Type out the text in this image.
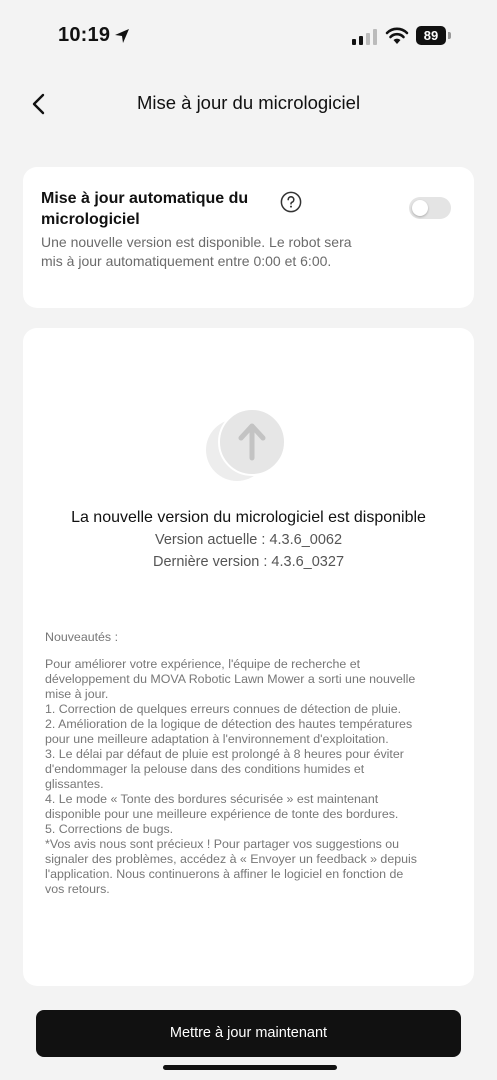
10:19	89
Mise à jour du micrologiciel
Mise à jour automatique du micrologiciel
Une nouvelle version est disponible. Le robot sera mis à jour automatiquement entre 0:00 et 6:00.
La nouvelle version du micrologiciel est disponible
Version actuelle : 4.3.6_0062
Dernière version : 4.3.6_0327

Nouveautés :

Pour améliorer votre expérience, l'équipe de recherche et

développement du MOVA Robotic Lawn Mower a sorti une nouvelle

mise à jour.

1. Correction de quelques erreurs connues de détection de pluie.

2. Amélioration de la logique de détection des hautes températures

pour une meilleure adaptation à l'environnement d'exploitation.

3. Le délai par défaut de pluie est prolongé à 8 heures pour éviter

d'endommager la pelouse dans des conditions humides et

glissantes.

4. Le mode « Tonte des bordures sécurisée » est maintenant

disponible pour une meilleure expérience de tonte des bordures.

5. Corrections de bugs.

*Vos avis nous sont précieux ! Pour partager vos suggestions ou

signaler des problèmes, accédez à « Envoyer un feedback » depuis

l'application. Nous continuerons à affiner le logiciel en fonction de

vos retours.

Mettre à jour maintenant
